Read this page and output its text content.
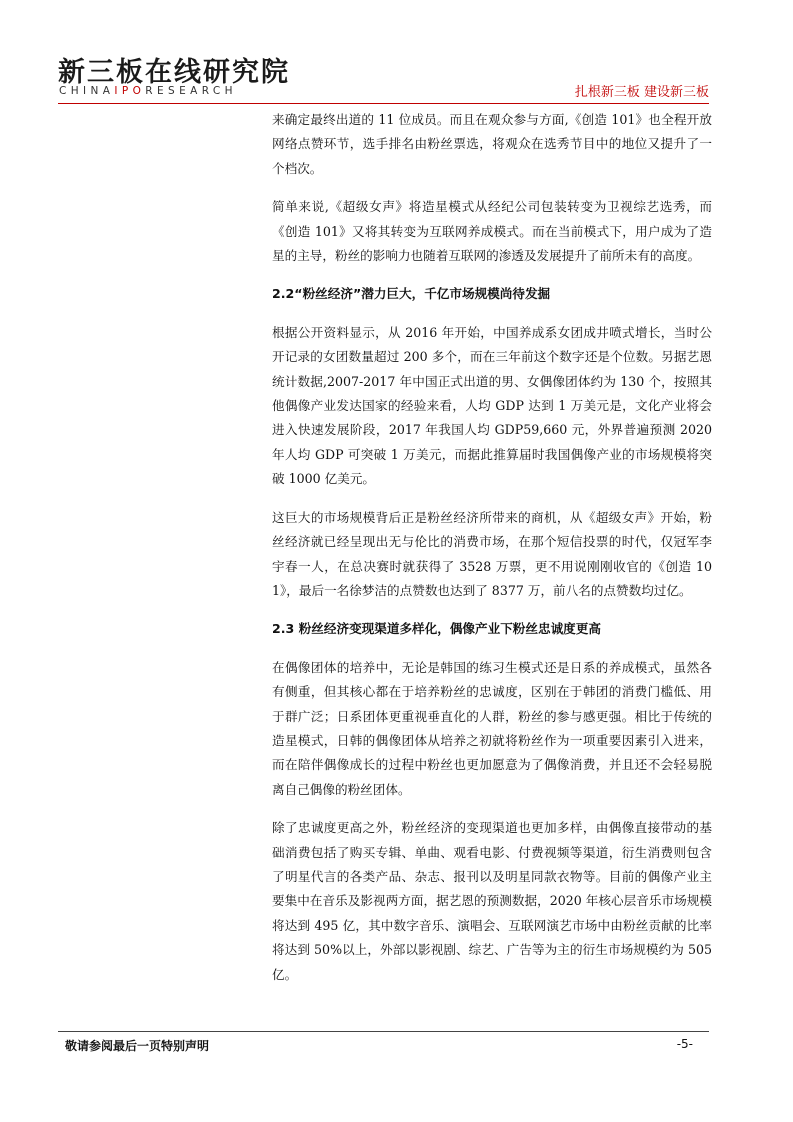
新三板在线研究院
CHINAIPORESEARCH	扎根新三板 建设新三板

来确定最终出道的 11 位成员。而且在观众参与方面,《创造 101》也全程开放网络点赞环节，选手排名由粉丝票选，将观众在选秀节目中的地位又提升了一个档次。

简单来说,《超级女声》将造星模式从经纪公司包装转变为卫视综艺选秀，而《创造 101》又将其转变为互联网养成模式。而在当前模式下，用户成为了造星的主导，粉丝的影响力也随着互联网的渗透及发展提升了前所未有的高度。

2.2“粉丝经济”潜力巨大，千亿市场规模尚待发掘

根据公开资料显示，从 2016 年开始，中国养成系女团成井喷式增长，当时公开记录的女团数量超过 200 多个，而在三年前这个数字还是个位数。另据艺恩统计数据,2007-2017 年中国正式出道的男、女偶像团体约为 130 个，按照其他偶像产业发达国家的经验来看，人均 GDP 达到 1 万美元是，文化产业将会进入快速发展阶段，2017 年我国人均 GDP59,660 元，外界普遍预测 2020 年人均 GDP 可突破 1 万美元，而据此推算届时我国偶像产业的市场规模将突破 1000 亿美元。

这巨大的市场规模背后正是粉丝经济所带来的商机，从《超级女声》开始，粉丝经济就已经呈现出无与伦比的消费市场，在那个短信投票的时代，仅冠军李宇春一人，在总决赛时就获得了 3528 万票，更不用说刚刚收官的《创造 101》，最后一名徐梦洁的点赞数也达到了 8377 万，前八名的点赞数均过亿。

2.3 粉丝经济变现渠道多样化，偶像产业下粉丝忠诚度更高

在偶像团体的培养中，无论是韩国的练习生模式还是日系的养成模式，虽然各有侧重，但其核心都在于培养粉丝的忠诚度，区别在于韩团的消费门槛低、用于群广泛；日系团体更重视垂直化的人群，粉丝的参与感更强。相比于传统的造星模式，日韩的偶像团体从培养之初就将粉丝作为一项重要因素引入进来，而在陪伴偶像成长的过程中粉丝也更加愿意为了偶像消费，并且还不会轻易脱离自己偶像的粉丝团体。

除了忠诚度更高之外，粉丝经济的变现渠道也更加多样，由偶像直接带动的基础消费包括了购买专辑、单曲、观看电影、付费视频等渠道，衍生消费则包含了明星代言的各类产品、杂志、报刊以及明星同款衣物等。目前的偶像产业主要集中在音乐及影视两方面，据艺恩的预测数据，2020 年核心层音乐市场规模将达到 495 亿，其中数字音乐、演唱会、互联网演艺市场中由粉丝贡献的比率将达到 50%以上，外部以影视剧、综艺、广告等为主的衍生市场规模约为 505 亿。

敬请参阅最后一页特别声明	-5-
